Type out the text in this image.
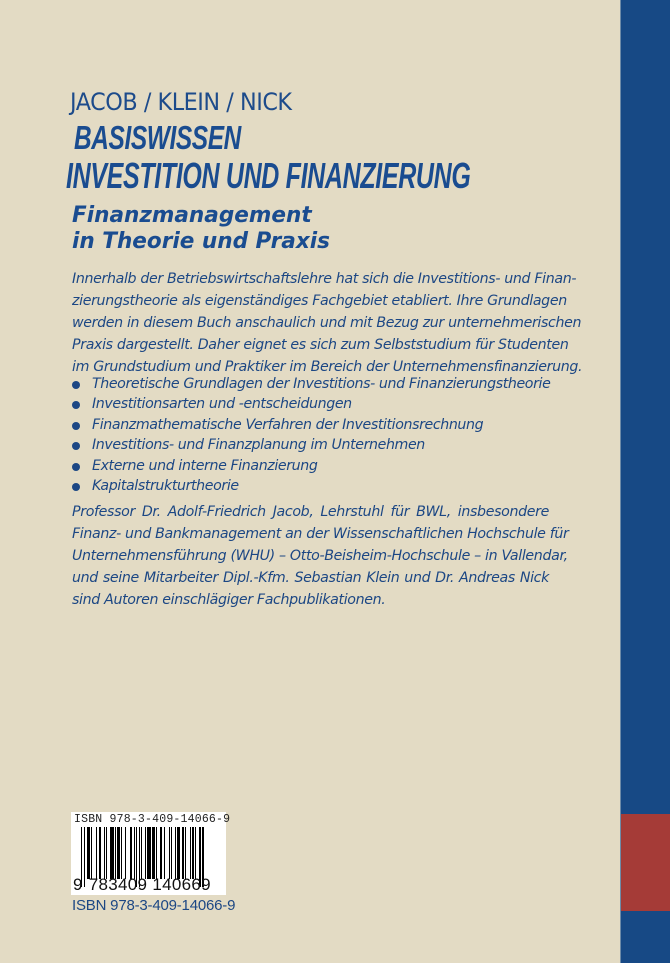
JACOB / KLEIN / NICK
BASISWISSEN
INVESTITION UND FINANZIERUNG
Finanzmanagement
in Theorie und Praxis
Innerhalb der Betriebswirtschaftslehre hat sich die Investitions- und Finan-
zierungstheorie als eigenständiges Fachgebiet etabliert. Ihre Grundlagen
werden in diesem Buch anschaulich und mit Bezug zur unternehmerischen
Praxis dargestellt. Daher eignet es sich zum Selbststudium für Studenten
im Grundstudium und Praktiker im Bereich der Unternehmensfinanzierung.
Theoretische Grundlagen der Investitions- und Finanzierungstheorie
Investitionsarten und -entscheidungen
Finanzmathematische Verfahren der Investitionsrechnung
Investitions- und Finanzplanung im Unternehmen
Externe und interne Finanzierung
Kapitalstrukturtheorie
Professor Dr. Adolf-Friedrich Jacob, Lehrstuhl für BWL, insbesondere
Finanz- und Bankmanagement an der Wissenschaftlichen Hochschule für
Unternehmensführung (WHU) – Otto-Beisheim-Hochschule – in Vallendar,
und seine Mitarbeiter Dipl.-Kfm. Sebastian Klein und Dr. Andreas Nick
sind Autoren einschlägiger Fachpublikationen.
ISBN 978-3-409-14066-9
9 783409 140669
ISBN 978-3-409-14066-9
